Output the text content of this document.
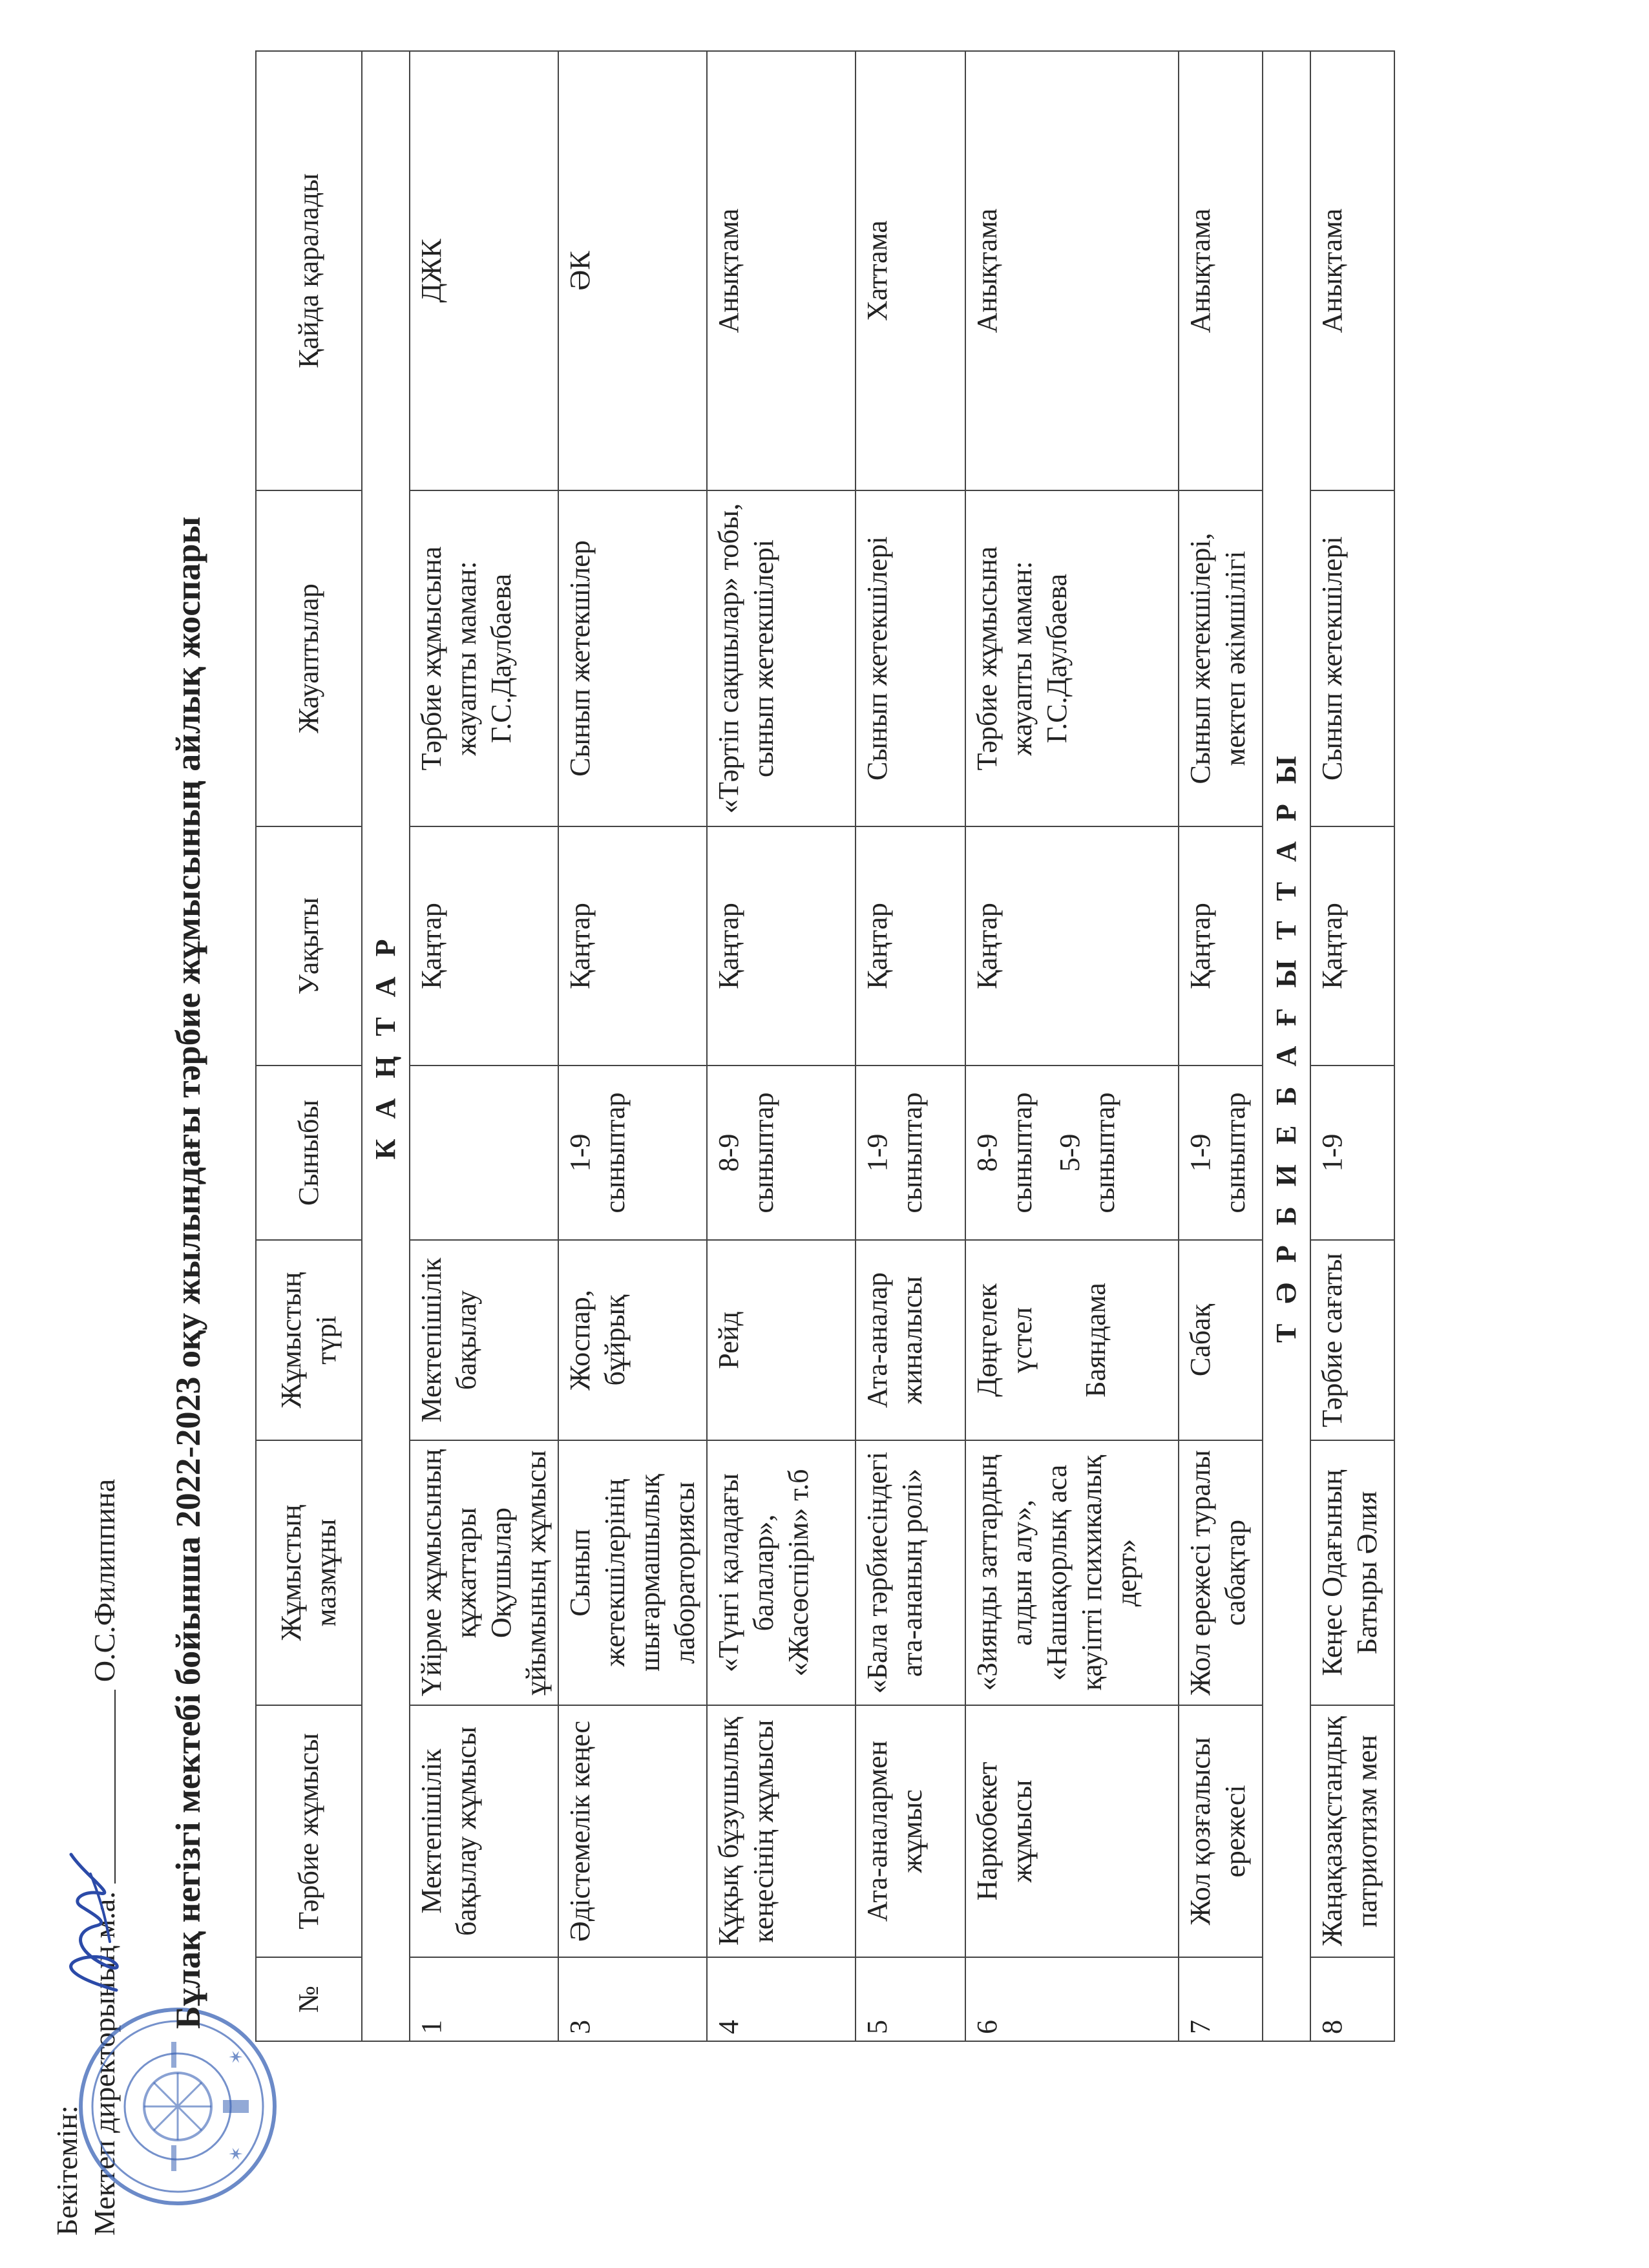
Бекітемін: Мектеп директорының м.а.
О.С.Филиппина
✶
✶
Бұлақ негізгі мектебі бойынша 2022-2023 оқу жылындағы тәрбие жұмысының айлық жоспары	№	Тәрбие жұмысы	Жұмыстың мазмұны	Жұмыстың түрі	Сыныбы	Уақыты	Жауаптылар	Қайда қаралады
К А Ң Т А Р							
1	Мектепішілік бақылау жұмысы	Үйірме жұмысының құжаттары Оқушылар ұйымының жұмысы	Мектепішілік бақылау		Қаңтар	Тәрбие жұмысына жауапты маман: Г.С.Даулбаева	ДЖК
3	Әдістемелік кеңес	Сынып жетекшілерінің шығармашылық лабораториясы	Жоспар, бұйрық	1-9 сыныптар	Қаңтар	Сынып жетекшілер	ӘК
4	Құқық бұзушылық кеңесінің жұмысы	«Түнгі қаладағы балалар», «Жасөспірім» т.б	Рейд	8-9 сыныптар	Қаңтар	«Тәртіп сақшылар» тобы, сынып жетекшілері	Анықтама
5	Ата-аналармен жұмыс	«Бала тәрбиесіндегі ата-ананың ролі»	Ата-аналар жиналысы	1-9 сыныптар	Қаңтар	Сынып жетекшілері	Хаттама
6	Наркобекет жұмысы	«Зиянды заттардың алдын алу», «Нашақорлық аса қауіпті психикалық дерт»	Дөңгелек үстел Баяндама	8-9 сыныптар 5-9 сыныптар	Қаңтар	Тәрбие жұмысына жауапты маман: Г.С.Даулбаева	Анықтама
7	Жол қозғалысы ережесі	Жол ережесі туралы сабақтар	Сабақ	1-9 сыныптар	Қаңтар	Сынып жетекшілері, мектеп әкімшілігі	Анықтама
Т Ә Р Б И Е Б А Ғ Ы Т Т А Р Ы							
8	Жаңақазақстандық патриотизм мен	Кеңес Одағының Батыры Әлия	Тәрбие сағаты	1-9	Қаңтар	Сынып жетекшілері	Анықтама
